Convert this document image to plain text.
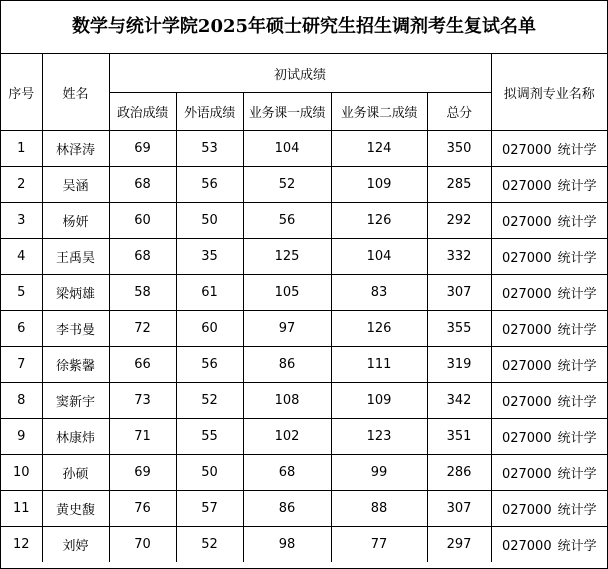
数学与统计学院2025年硕士研究生招生调剂考生复试名单
序号	姓名	初试成绩					拟调剂专业名称
		政治成绩	外语成绩	业务课一成绩	业务课二成绩	总分	
1	林泽涛	69	53	104	124	350	027000 统计学
2	吴涵	68	56	52	109	285	027000 统计学
3	杨妍	60	50	56	126	292	027000 统计学
4	王禹昊	68	35	125	104	332	027000 统计学
5	梁炳雄	58	61	105	83	307	027000 统计学
6	李书曼	72	60	97	126	355	027000 统计学
7	徐紫馨	66	56	86	111	319	027000 统计学
8	窦新宇	73	52	108	109	342	027000 统计学
9	林康炜	71	55	102	123	351	027000 统计学
10	孙硕	69	50	68	99	286	027000 统计学
11	黄史馥	76	57	86	88	307	027000 统计学
12	刘婷	70	52	98	77	297	027000 统计学
